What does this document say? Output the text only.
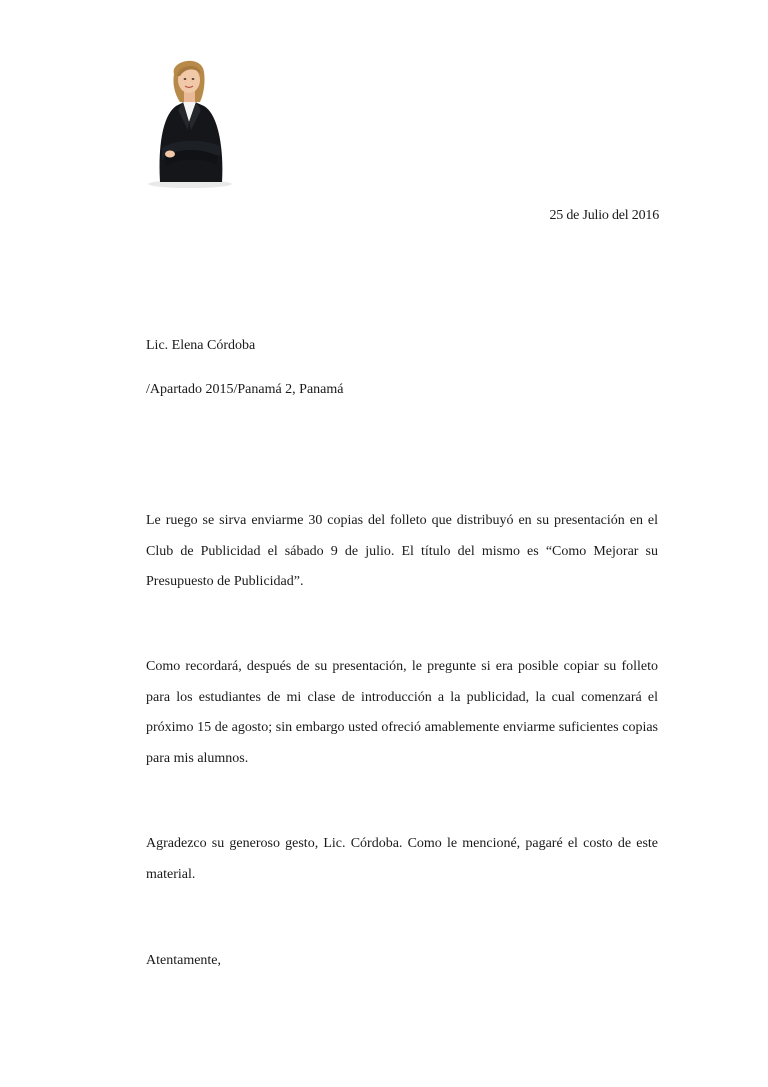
25 de Julio del 2016
Lic. Elena Córdoba
/Apartado 2015/Panamá 2, Panamá

Le ruego se sirva enviarme 30 copias del folleto que distribuyó en su presentación en el Club de Publicidad el sábado 9 de julio. El título del mismo es “Como Mejorar su Presupuesto de Publicidad”.

Como recordará, después de su presentación, le pregunte si era posible copiar su folleto para los estudiantes de mi clase de introducción a la publicidad, la cual comenzará el próximo 15 de agosto; sin embargo usted ofreció amablemente enviarme suficientes copias para mis alumnos.

Agradezco su generoso gesto, Lic. Córdoba. Como le mencioné, pagaré el costo de este material.

Atentamente,
